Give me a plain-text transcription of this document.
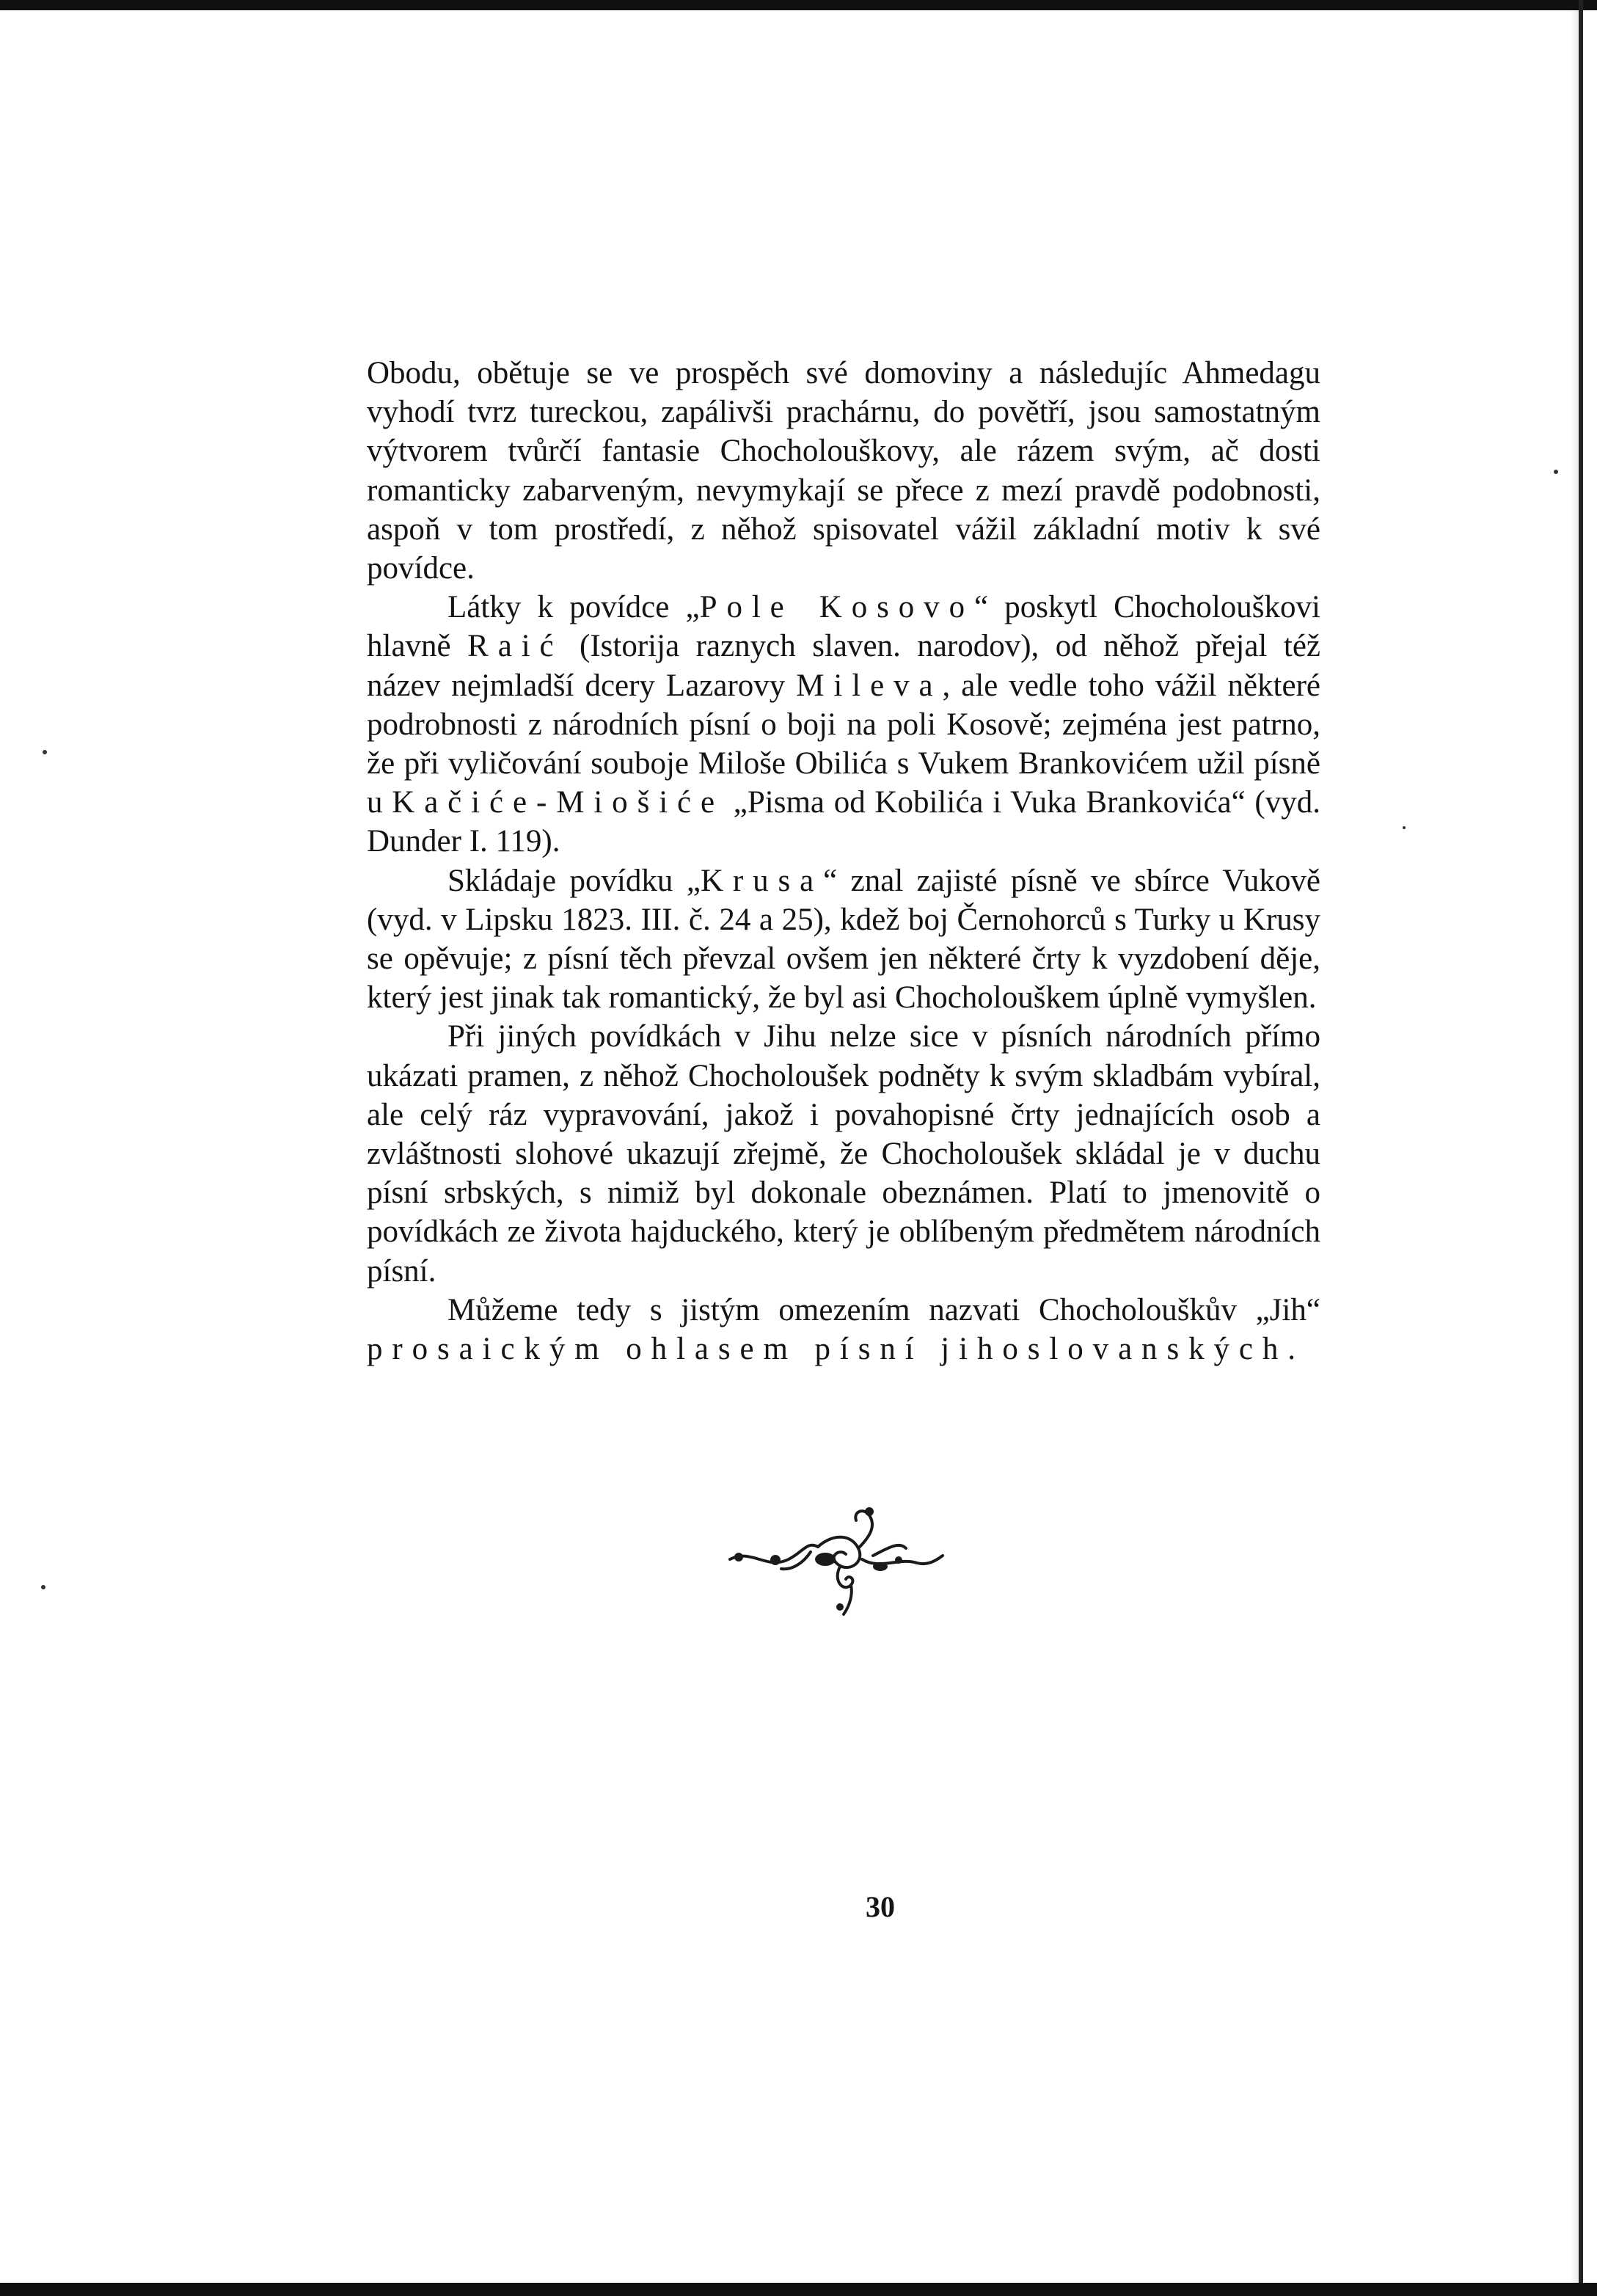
Obodu, obětuje se ve prospěch své domoviny a následujíc Ahmedagu vyhodí tvrz tureckou, zapálivši prachárnu, do povětří, jsou samostatným výtvorem tvůrčí fantasie Chocholouškovy, ale rázem svým, ač dosti romanticky zabarveným, nevymykají se přece z mezí pravdě podobnosti, aspoň v tom prostředí, z něhož spisovatel vážil základní motiv k své povídce.

Látky k povídce „Pole Kosovo“ poskytl Chocholouškovi hlavně Raić (Istorija raznych slaven. narodov), od něhož přejal též název nejmladší dcery Lazarovy Mileva, ale vedle toho vážil některé podrobnosti z národních písní o boji na poli Kosově; zejména jest patrno, že při vyličování souboje Miloše Obilića s Vukem Brankovićem užil písně u Kačiće-Miošiće „Pisma od Kobilića i Vuka Brankovića“ (vyd. Dunder I. 119).

Skládaje povídku „Krusa“ znal zajisté písně ve sbírce Vukově (vyd. v Lipsku 1823. III. č. 24 a 25), kdež boj Černohorců s Turky u Krusy se opěvuje; z písní těch převzal ovšem jen některé črty k vyzdobení děje, který jest jinak tak romantický, že byl asi Chocholouškem úplně vymyšlen.

Při jiných povídkách v Jihu nelze sice v písních národních přímo ukázati pramen, z něhož Chocholoušek podněty k svým skladbám vybíral, ale celý ráz vypravování, jakož i povahopisné črty jednajících osob a zvláštnosti slohové ukazují zřejmě, že Chocholoušek skládal je v duchu písní srbských, s nimiž byl dokonale obeznámen. Platí to jmenovitě o povídkách ze života hajduckého, který je oblíbeným předmětem národních písní.

Můžeme tedy s jistým omezením nazvati Chocholouškův „Jih“ prosaickým ohlasem písní jihoslovanských.

30
